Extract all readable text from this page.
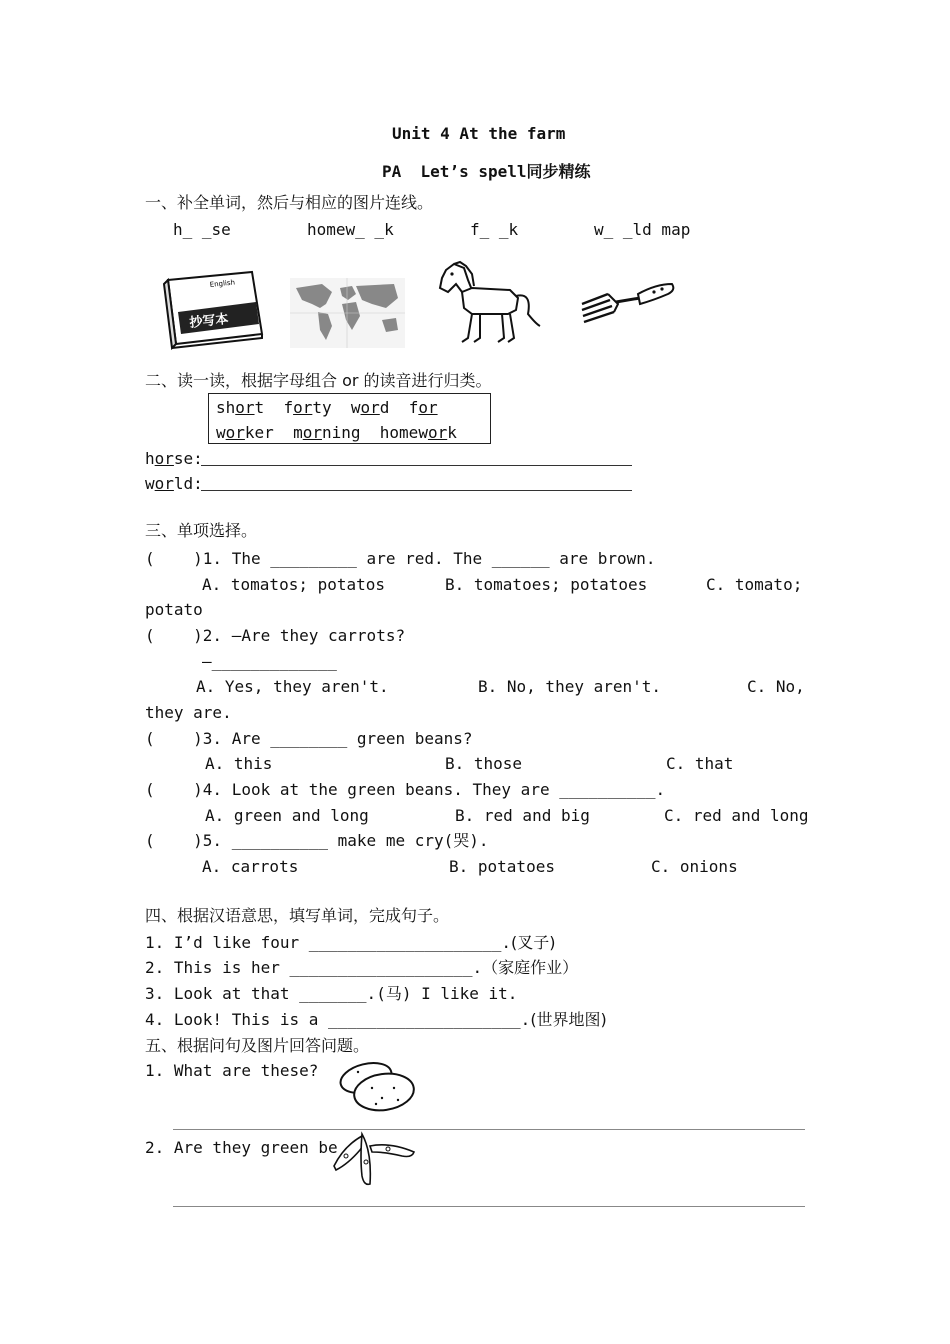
Unit 4 At the farm
PA  Let’s spell同步精练
一、补全单词，然后与相应的图片连线。
h_ _se	homew_ _k	f_ _k	w_ _ld map
English
抄写本
二、读一读，根据字母组合 or 的读音进行归类。
short forty word for
worker morning homework
horse:
world:
三、单项选择。
(    )1. The _________ are red. The ______ are brown.
A. tomatos; potatos	B. tomatoes; potatoes	C. tomato;
potato
(    )2. —Are they carrots?
—_____________
A. Yes, they aren't.	B. No, they aren't.	C. No,
they are.
(    )3. Are ________ green beans?
A. this	B. those	C. that
(    )4. Look at the green beans. They are __________.
A. green and long	B. red and big	C. red and long
(    )5. __________ make me cry(哭).
A. carrots	B. potatoes	C. onions
四、根据汉语意思，填写单词，完成句子。
1. I’d like four ____________________.(叉子)
2. This is her ___________________.（家庭作业）
3. Look at that _______.(马) I like it.
4. Look! This is a ____________________.(世界地图)
五、根据问句及图片回答问题。
1. What are these?
2. Are they green be
